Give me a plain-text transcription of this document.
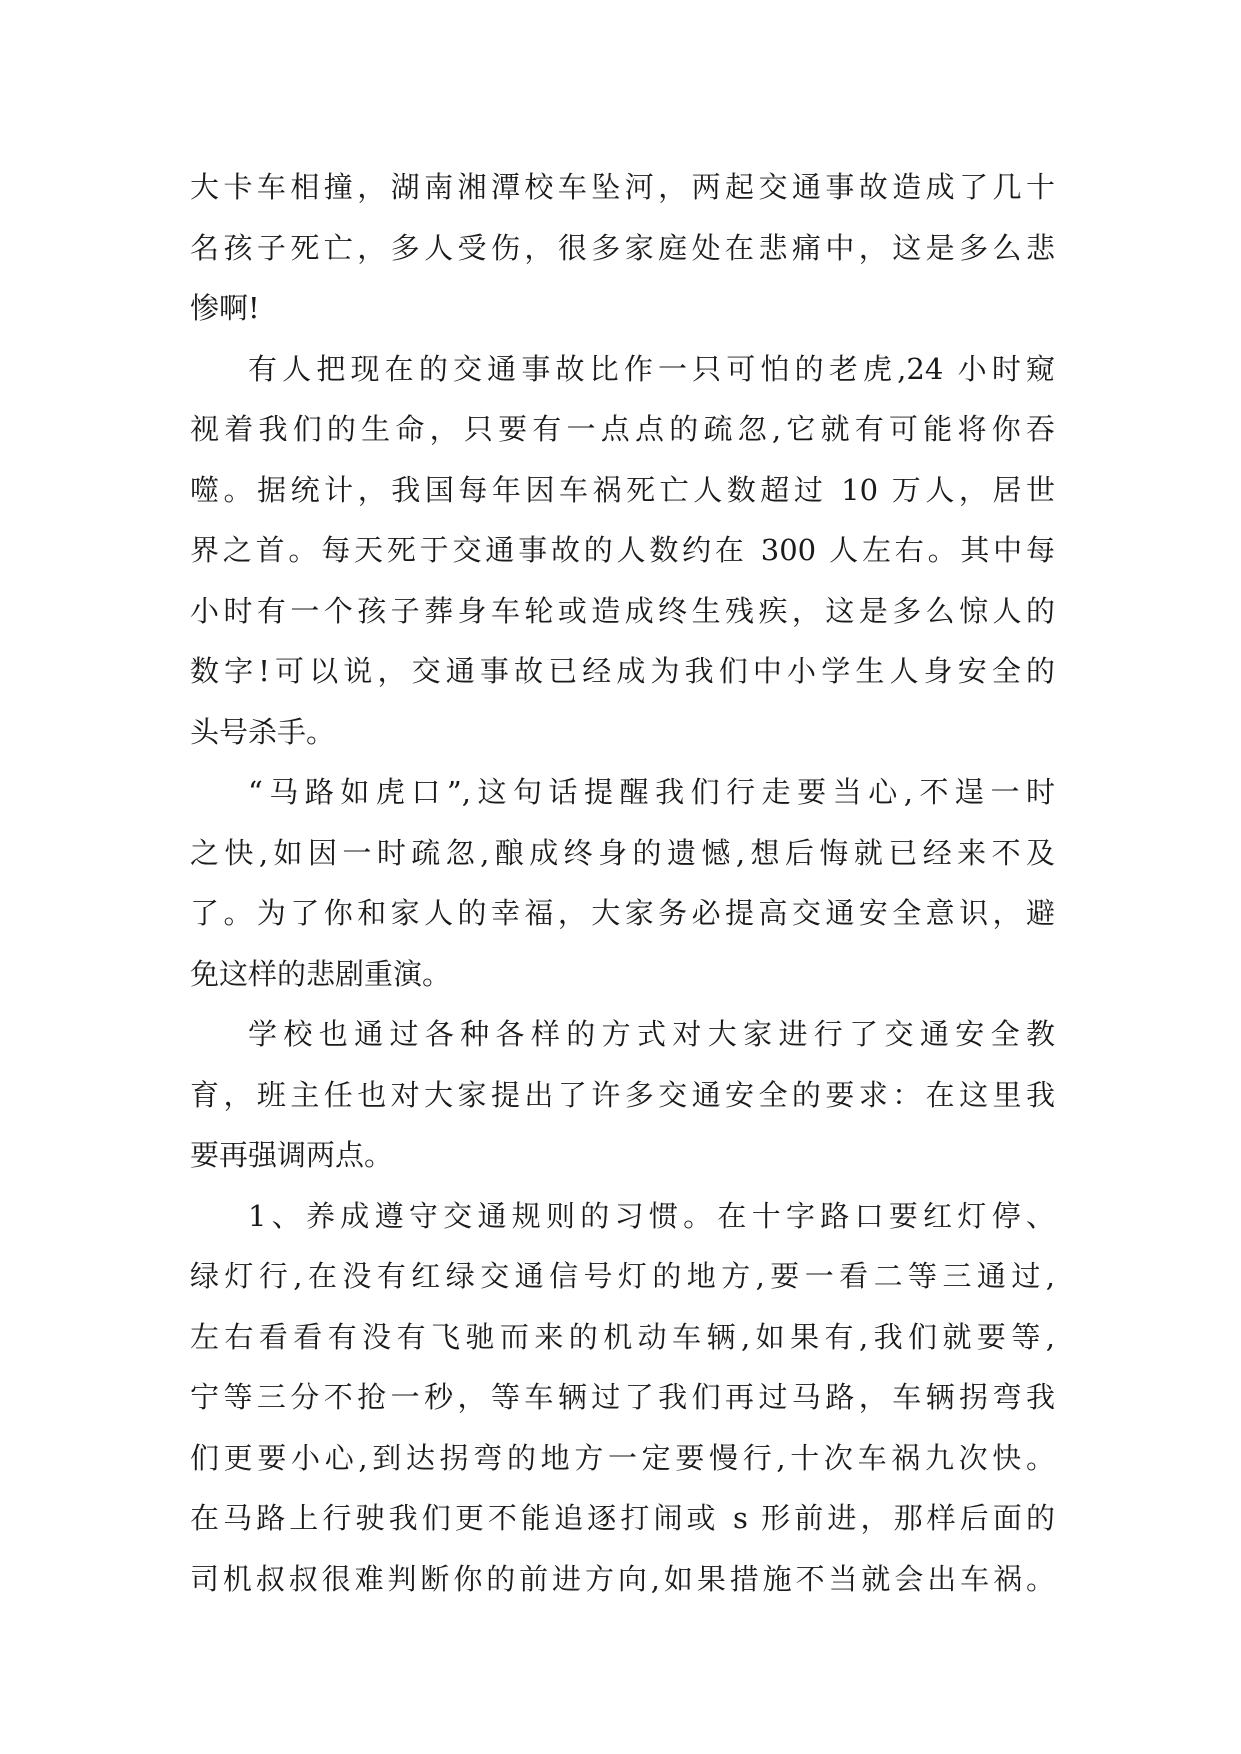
大卡车相撞，湖南湘潭校车坠河，两起交通事故造成了几十
名孩子死亡，多人受伤，很多家庭处在悲痛中，这是多么悲
惨啊!
有人把现在的交通事故比作一只可怕的老虎,24 小时窥
视着我们的生命，只要有一点点的疏忽,它就有可能将你吞
噬。据统计，我国每年因车祸死亡人数超过 10 万人，居世
界之首。每天死于交通事故的人数约在 300 人左右。其中每
小时有一个孩子葬身车轮或造成终生残疾，这是多么惊人的
数字!可以说，交通事故已经成为我们中小学生人身安全的
头号杀手。
“马路如虎口”,这句话提醒我们行走要当心,不逞一时
之快,如因一时疏忽,酿成终身的遗憾,想后悔就已经来不及
了。为了你和家人的幸福，大家务必提高交通安全意识，避
免这样的悲剧重演。
学校也通过各种各样的方式对大家进行了交通安全教
育，班主任也对大家提出了许多交通安全的要求：在这里我
要再强调两点。
1、养成遵守交通规则的习惯。在十字路口要红灯停、
绿灯行,在没有红绿交通信号灯的地方,要一看二等三通过,
左右看看有没有飞驰而来的机动车辆,如果有,我们就要等,
宁等三分不抢一秒，等车辆过了我们再过马路，车辆拐弯我
们更要小心,到达拐弯的地方一定要慢行,十次车祸九次快。
在马路上行驶我们更不能追逐打闹或 s 形前进，那样后面的
司机叔叔很难判断你的前进方向,如果措施不当就会出车祸。
